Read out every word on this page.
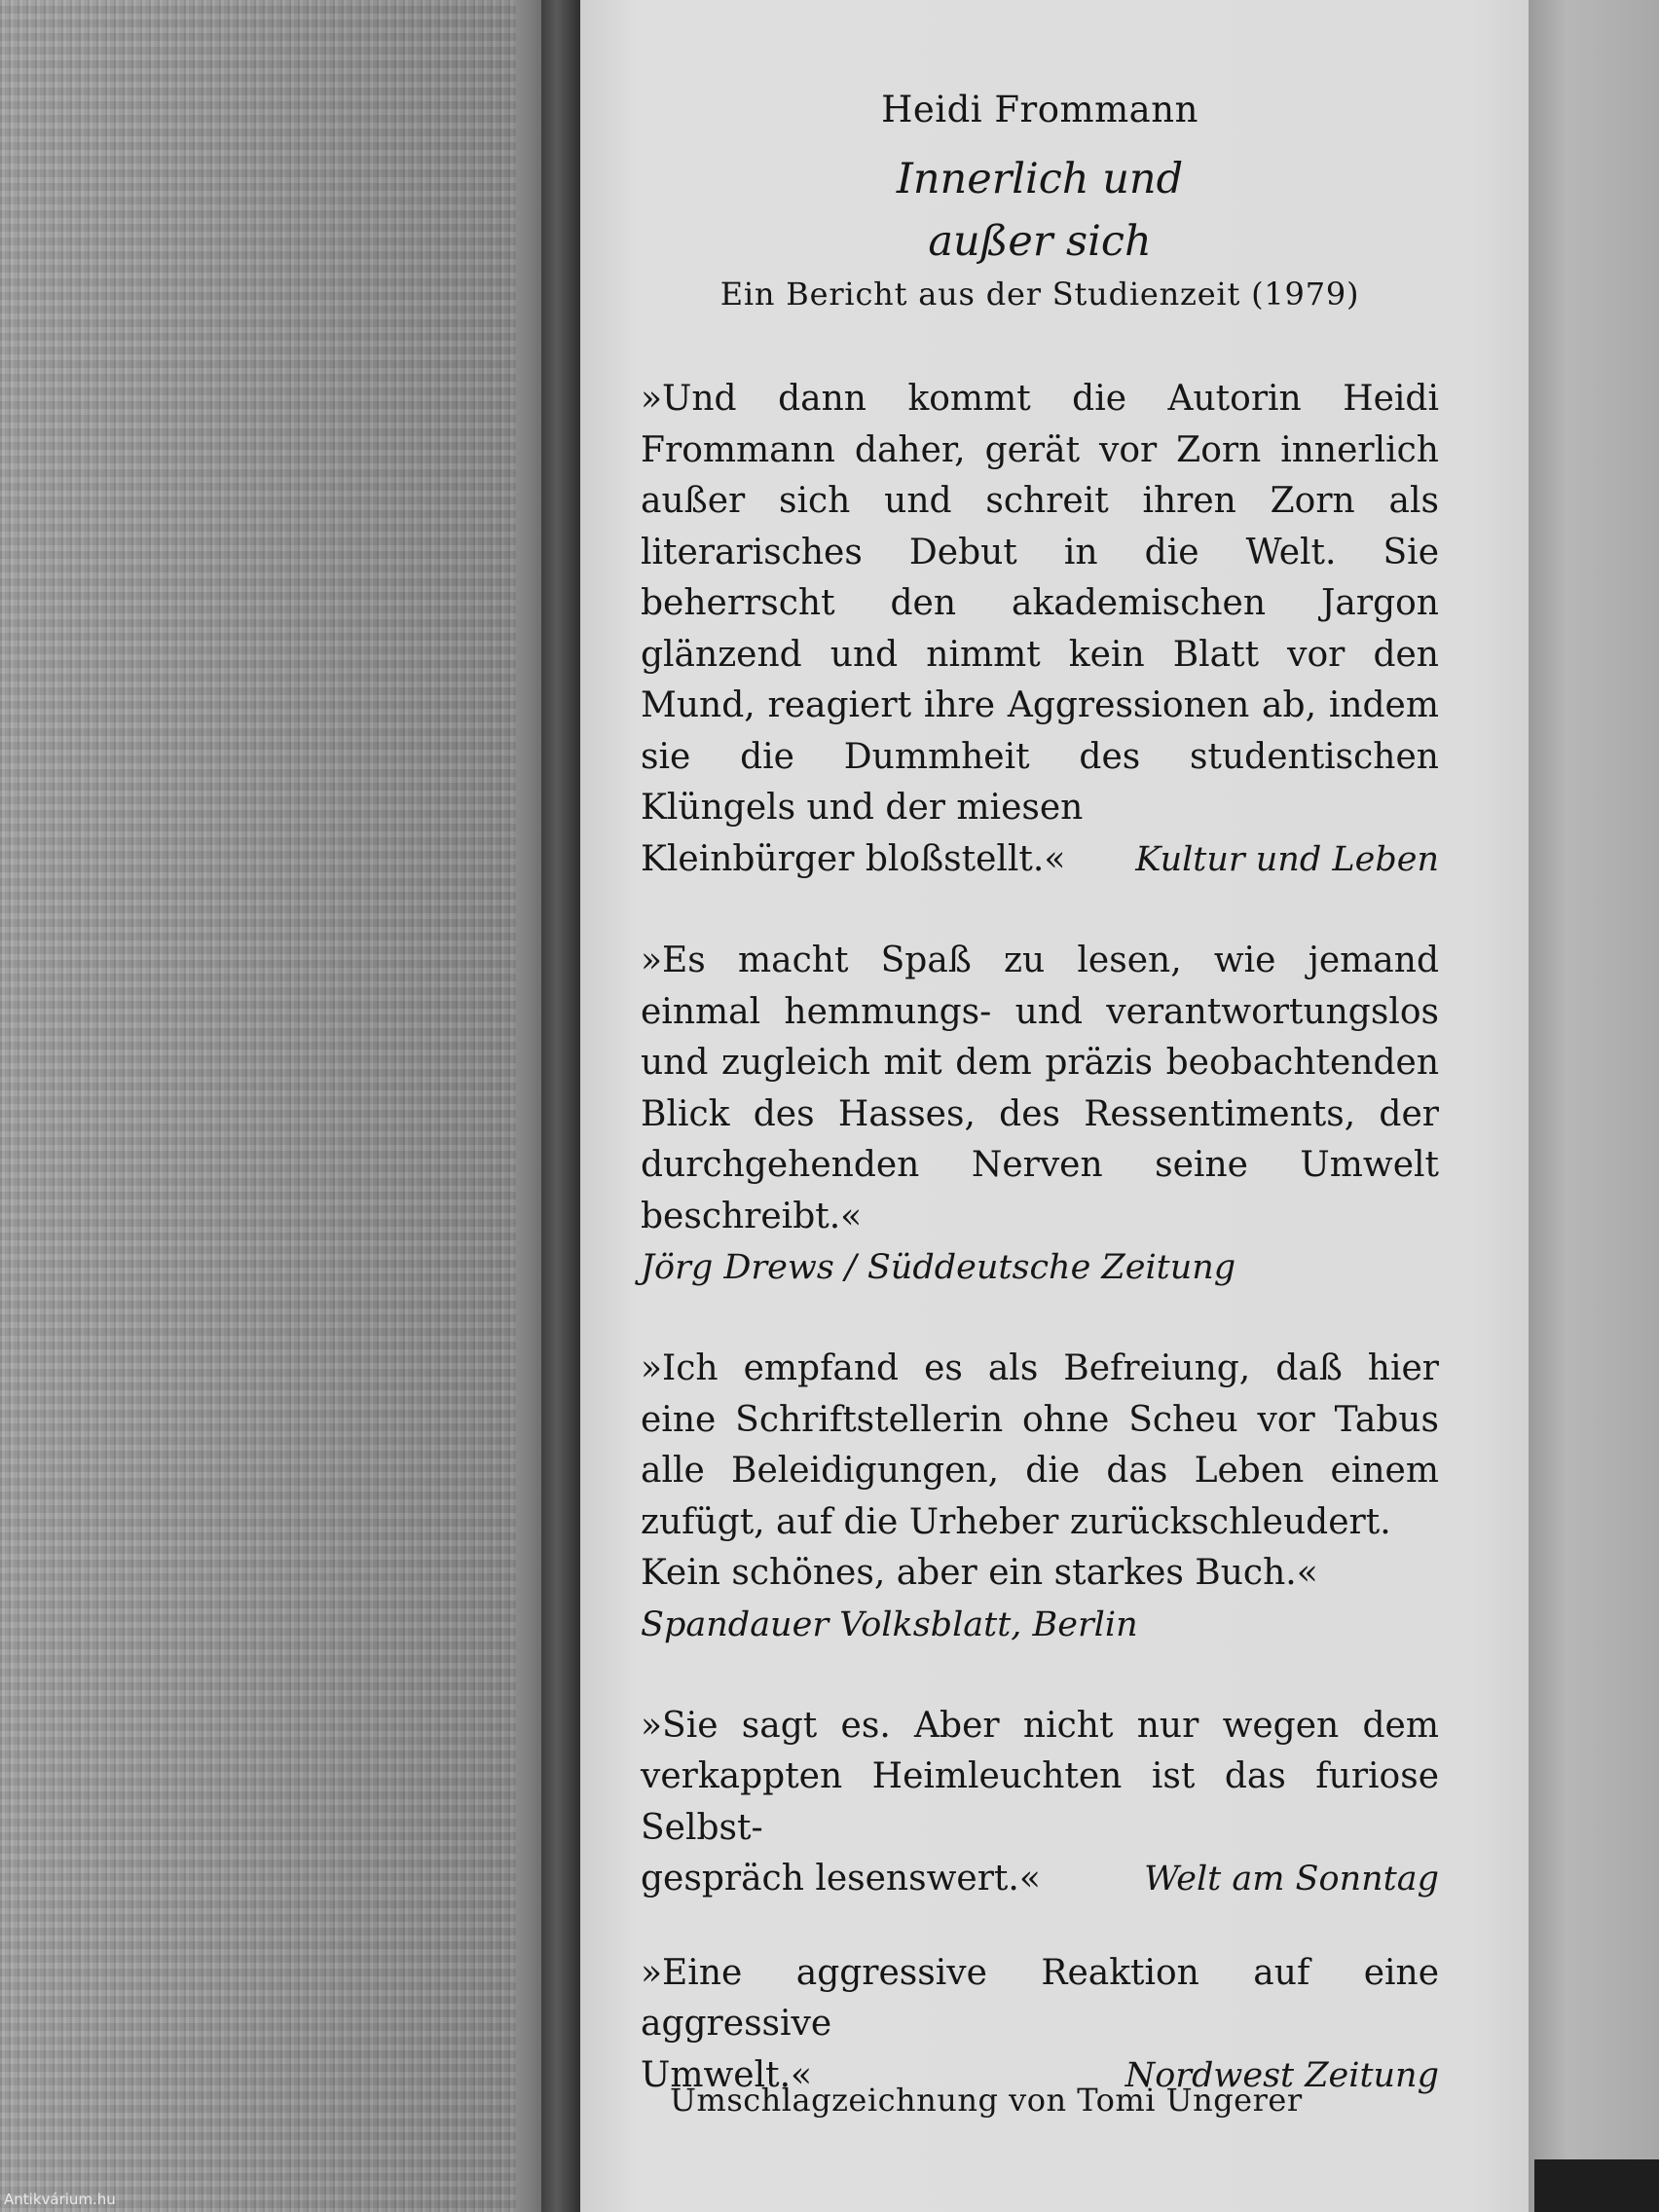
Heidi Frommann
Innerlich und
außer sich
Ein Bericht aus der Studienzeit (1979)
»Und dann kommt die Autorin Heidi Frommann daher, gerät vor Zorn innerlich außer sich und schreit ihren Zorn als literarisches Debut in die Welt. Sie beherrscht den akademischen Jargon glänzend und nimmt kein Blatt vor den Mund, reagiert ihre Aggressionen ab, indem sie die Dummheit des studentischen Klüngels und der miesen
Kleinbürger bloßstellt.« Kultur und Leben
»Es macht Spaß zu lesen, wie jemand einmal hemmungs- und verantwortungslos und zugleich mit dem präzis beobachtenden Blick des Hasses, des Ressentiments, der durchgehenden Nerven seine Umwelt beschreibt.«
Jörg Drews / Süddeutsche Zeitung
»Ich empfand es als Befreiung, daß hier eine Schriftstellerin ohne Scheu vor Tabus alle Beleidigungen, die das Leben einem zufügt, auf die Urheber zurückschleudert.
Kein schönes, aber ein starkes Buch.«
Spandauer Volksblatt, Berlin
»Sie sagt es. Aber nicht nur wegen dem verkappten Heimleuchten ist das furiose Selbst-
gespräch lesenswert.«	Welt am Sonntag
»Eine aggressive Reaktion auf eine aggressive
Umwelt.«	Nordwest Zeitung
Umschlagzeichnung von Tomi Ungerer
Antikvárium.hu
